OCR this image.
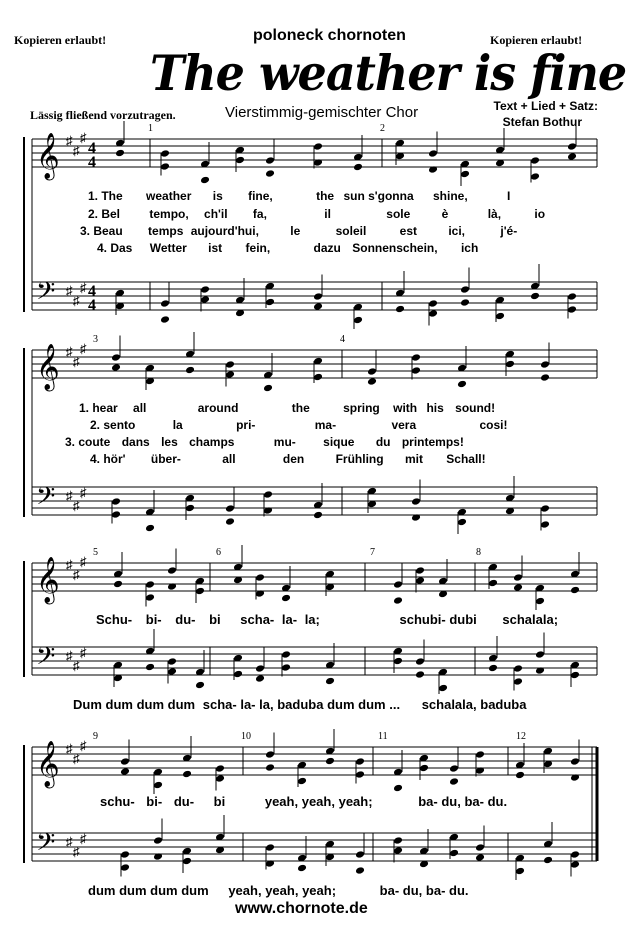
Kopieren erlaubt!	poloneck chornoten	Kopieren erlaubt!
The weather is fine
Lässig fließend vorzutragen.	Vierstimmig-gemischter Chor	Text + Lied + Satz:
Stefan Bothur
𝄞 ♯
♯
♯
4
4
𝄢 ♯
♯
♯ 4
4
1	2
𝄞 ♯
♯
♯
𝄢 ♯
♯
♯
3	4
𝄞 ♯
♯
♯
𝄢 ♯
♯
♯
5	6	7	8
𝄞 ♯
♯
♯
𝄢 ♯
♯
♯
9	10	11	12
1. The weather is fine,	the sun s'gonna shine,	I
2. Bel tempo, ch'il fa,	il	sole	è	là,	io
3. Beau temps aujourd'hui,	le	soleil	est	ici,	j'é-
4. Das Wetter ist fein,	dazu Sonnenschein, ich
1. hear all	around	the	spring with his sound!
2. sento	la	pri-	ma-	vera	cosi!
3. coute dans les champs	mu- sique du printemps!
4. hör' über-	all	den	Frühling mit Schall!
Schu- bi- du- bi scha- la- la;	schubi- dubi schalala;
Dum dum dum dum scha- la- la, baduba dum dum ... schalala, baduba
schu- bi- du- bi	yeah, yeah, yeah;	ba- du, ba- du.
dum dum dum dum yeah, yeah, yeah;	ba- du, ba- du.
www.chornote.de
